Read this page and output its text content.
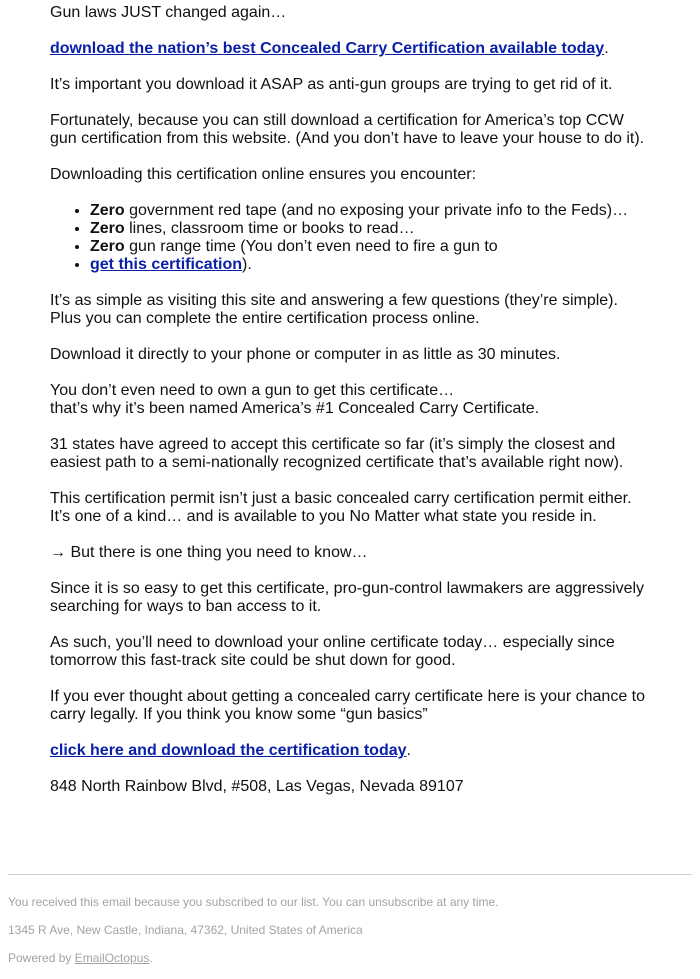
Gun laws JUST changed again…

download the nation’s best Concealed Carry Certification available today.

It’s important you download it ASAP as anti-gun groups are trying to get rid of it.

Fortunately, because you can still download a certification for America’s top CCW
gun certification from this website. (And you don’t have to leave your house to do it).

Downloading this certification online ensures you encounter:

• Zero government red tape (and no exposing your private info to the Feds)…
• Zero lines, classroom time or books to read…
• Zero gun range time (You don’t even need to fire a gun to
• get this certification).

It’s as simple as visiting this site and answering a few questions (they’re simple).
Plus you can complete the entire certification process online.

Download it directly to your phone or computer in as little as 30 minutes.

You don’t even need to own a gun to get this certificate…
that’s why it’s been named America’s #1 Concealed Carry Certificate.

31 states have agreed to accept this certificate so far (it’s simply the closest and
easiest path to a semi-nationally recognized certificate that’s available right now).

This certification permit isn’t just a basic concealed carry certification permit either.
It’s one of a kind… and is available to you No Matter what state you reside in.

→ But there is one thing you need to know…

Since it is so easy to get this certificate, pro-gun-control lawmakers are aggressively
searching for ways to ban access to it.

As such, you’ll need to download your online certificate today… especially since
tomorrow this fast-track site could be shut down for good.

If you ever thought about getting a concealed carry certificate here is your chance to
carry legally. If you think you know some “gun basics”

click here and download the certification today.

848 North Rainbow Blvd, #508, Las Vegas, Nevada 89107

You received this email because you subscribed to our list. You can unsubscribe at any time.

1345 R Ave, New Castle, Indiana, 47362, United States of America

Powered by EmailOctopus.
